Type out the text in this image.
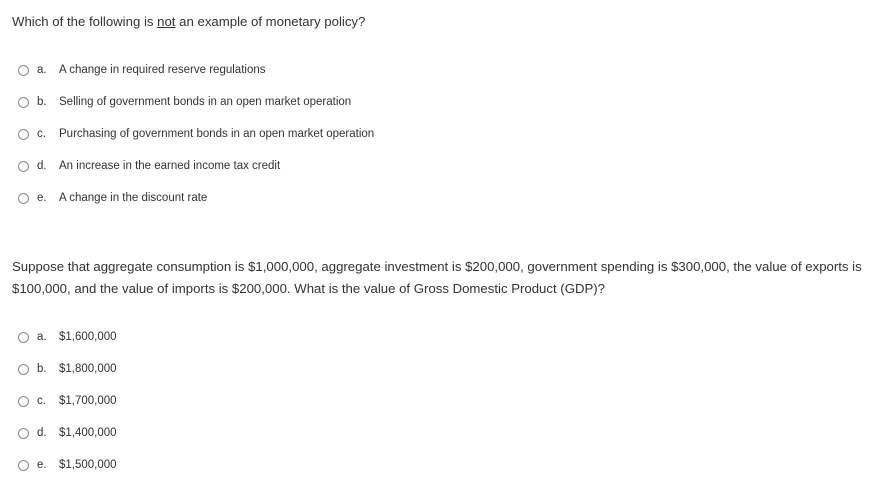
Which of the following is not an example of monetary policy?
a.	A change in required reserve regulations
b.	Selling of government bonds in an open market operation
c.	Purchasing of government bonds in an open market operation
d.	An increase in the earned income tax credit
e.	A change in the discount rate
Suppose that aggregate consumption is $1,000,000, aggregate investment is $200,000, government spending is $300,000, the value of exports is $100,000, and the value of imports is $200,000. What is the value of Gross Domestic Product (GDP)?
a.	$1,600,000
b.	$1,800,000
c.	$1,700,000
d.	$1,400,000
e.	$1,500,000
